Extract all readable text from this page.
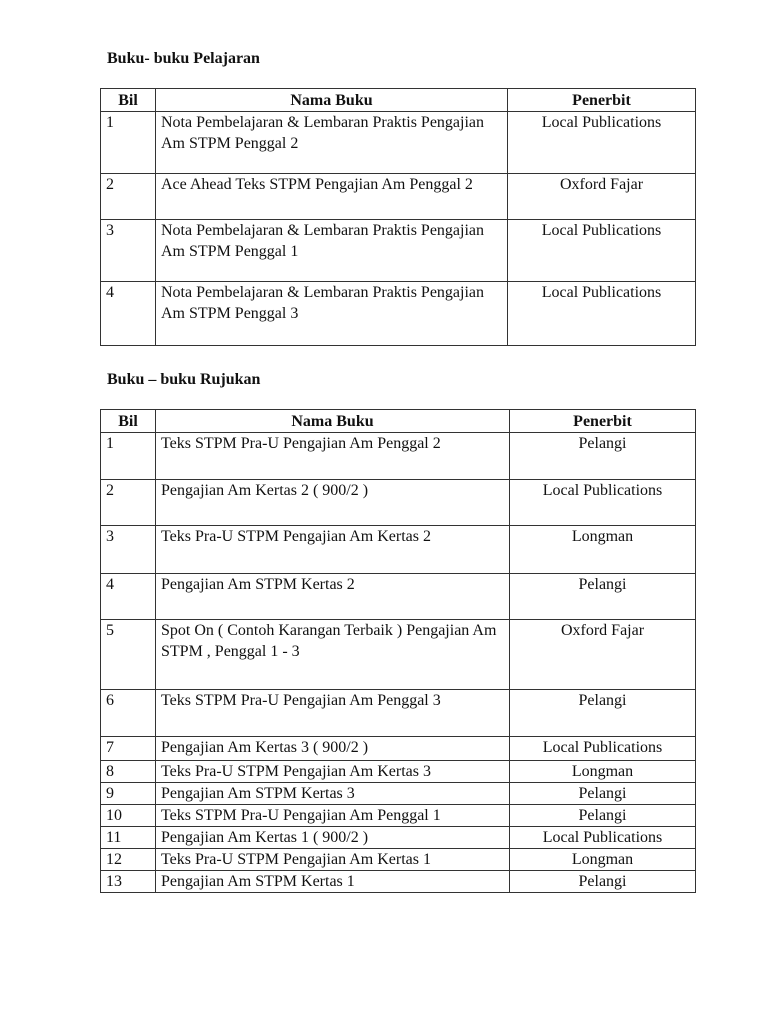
Buku- buku Pelajaran
Bil	Nama Buku	Penerbit
1	Nota Pembelajaran & Lembaran Praktis Pengajian Am STPM Penggal 2	Local Publications
2	Ace Ahead Teks STPM Pengajian Am Penggal 2	Oxford Fajar
3	Nota Pembelajaran & Lembaran Praktis Pengajian Am STPM Penggal 1	Local Publications
4	Nota Pembelajaran & Lembaran Praktis Pengajian Am STPM Penggal 3	Local Publications
Buku – buku Rujukan
Bil	Nama Buku	Penerbit
1	Teks STPM Pra-U Pengajian Am Penggal 2	Pelangi
2	Pengajian Am Kertas 2 ( 900/2 )	Local Publications
3	Teks Pra-U STPM Pengajian Am Kertas 2	Longman
4	Pengajian Am STPM Kertas 2	Pelangi
5	Spot On ( Contoh Karangan Terbaik ) Pengajian Am STPM , Penggal 1 - 3	Oxford Fajar
6	Teks STPM Pra-U Pengajian Am Penggal 3	Pelangi
7	Pengajian Am Kertas 3 ( 900/2 )	Local Publications
8	Teks Pra-U STPM Pengajian Am Kertas 3	Longman
9	Pengajian Am STPM Kertas 3	Pelangi
10	Teks STPM Pra-U Pengajian Am Penggal 1	Pelangi
11	Pengajian Am Kertas 1 ( 900/2 )	Local Publications
12	Teks Pra-U STPM Pengajian Am Kertas 1	Longman
13	Pengajian Am STPM Kertas 1	Pelangi
